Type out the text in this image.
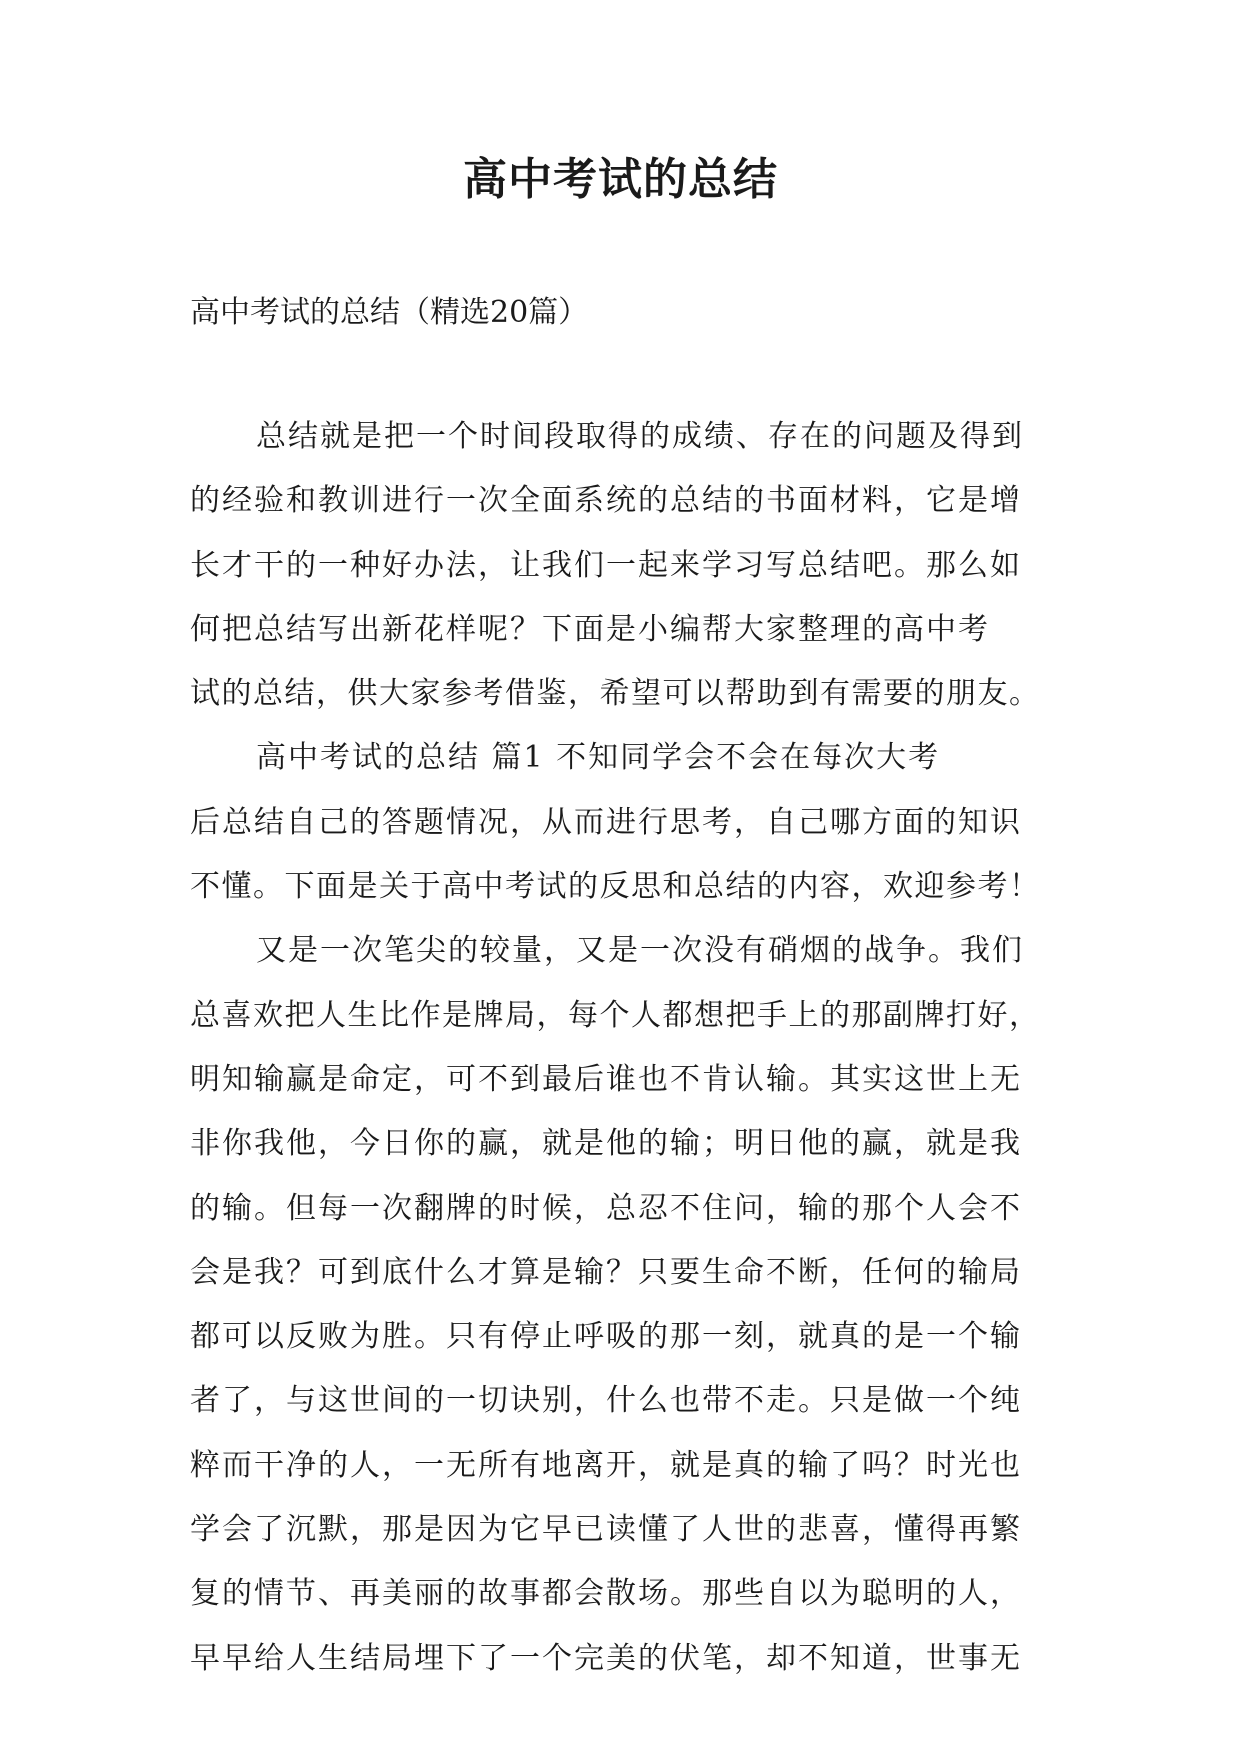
高中考试的总结
高中考试的总结（精选20篇）
总结就是把一个时间段取得的成绩、存在的问题及得到
的经验和教训进行一次全面系统的总结的书面材料，它是增
长才干的一种好办法，让我们一起来学习写总结吧。那么如
何把总结写出新花样呢？下面是小编帮大家整理的高中考
试的总结，供大家参考借鉴，希望可以帮助到有需要的朋友。
高中考试的总结 篇1 不知同学会不会在每次大考
后总结自己的答题情况，从而进行思考，自己哪方面的知识
不懂。下面是关于高中考试的反思和总结的内容，欢迎参考！
又是一次笔尖的较量，又是一次没有硝烟的战争。我们
总喜欢把人生比作是牌局，每个人都想把手上的那副牌打好，
明知输赢是命定，可不到最后谁也不肯认输。其实这世上无
非你我他，今日你的赢，就是他的输；明日他的赢，就是我
的输。但每一次翻牌的时候，总忍不住问，输的那个人会不
会是我？可到底什么才算是输？只要生命不断，任何的输局
都可以反败为胜。只有停止呼吸的那一刻，就真的是一个输
者了，与这世间的一切诀别，什么也带不走。只是做一个纯
粹而干净的人，一无所有地离开，就是真的输了吗？时光也
学会了沉默，那是因为它早已读懂了人世的悲喜，懂得再繁
复的情节、再美丽的故事都会散场。那些自以为聪明的人，
早早给人生结局埋下了一个完美的伏笔，却不知道，世事无
